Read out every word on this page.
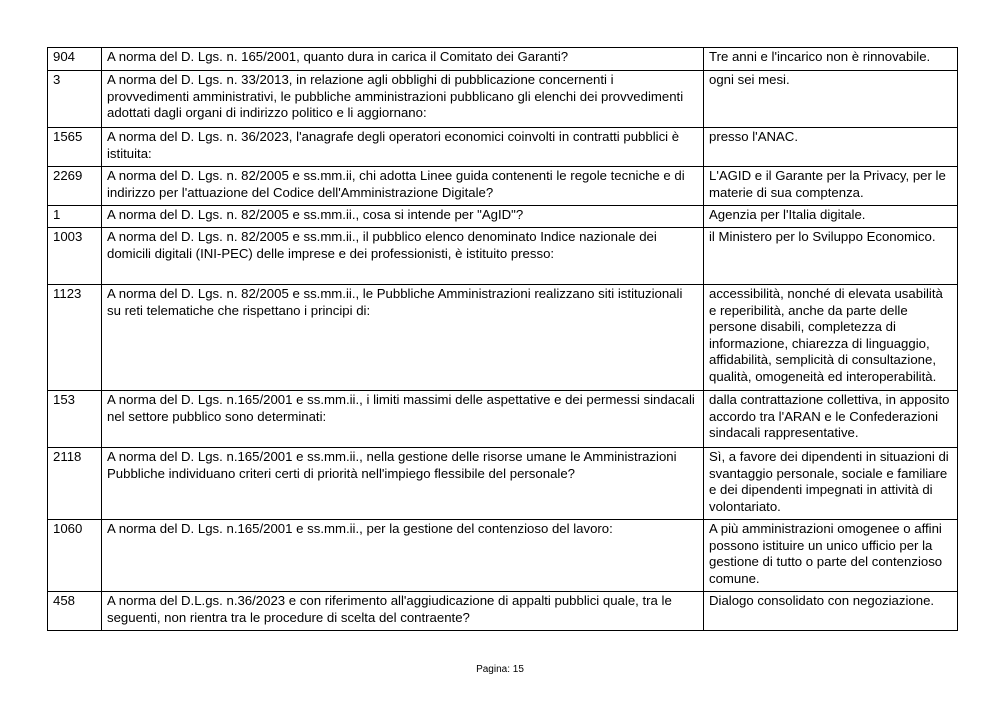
904	A norma del D. Lgs. n. 165/2001, quanto dura in carica il Comitato dei Garanti?	Tre anni e l'incarico non è rinnovabile.
3	A norma del D. Lgs. n. 33/2013, in relazione agli obblighi di pubblicazione concernenti i provvedimenti amministrativi, le pubbliche amministrazioni pubblicano gli elenchi dei provvedimenti adottati dagli organi di indirizzo politico e li aggiornano:	ogni sei mesi.
1565	A norma del D. Lgs. n. 36/2023, l'anagrafe degli operatori economici coinvolti in contratti pubblici è istituita:	presso l'ANAC.
2269	A norma del D. Lgs. n. 82/2005 e ss.mm.ii, chi adotta Linee guida contenenti le regole tecniche e di indirizzo per l'attuazione del Codice dell'Amministrazione Digitale?	L'AGID e il Garante per la Privacy, per le materie di sua comptenza.
1	A norma del D. Lgs. n. 82/2005 e ss.mm.ii., cosa si intende per "AgID"?	Agenzia per l'Italia digitale.
1003	A norma del D. Lgs. n. 82/2005 e ss.mm.ii., il pubblico elenco denominato Indice nazionale dei domicili digitali (INI-PEC) delle imprese e dei professionisti, è istituito presso:	il Ministero per lo Sviluppo Economico.
1123	A norma del D. Lgs. n. 82/2005 e ss.mm.ii., le Pubbliche Amministrazioni realizzano siti istituzionali su reti telematiche che rispettano i principi di:	accessibilità, nonché di elevata usabilità e reperibilità, anche da parte delle persone disabili, completezza di informazione, chiarezza di linguaggio, affidabilità, semplicità di consultazione, qualità, omogeneità ed interoperabilità.
153	A norma del D. Lgs. n.165/2001 e ss.mm.ii., i limiti massimi delle aspettative e dei permessi sindacali nel settore pubblico sono determinati:	dalla contrattazione collettiva, in apposito accordo tra l'ARAN e le Confederazioni sindacali rappresentative.
2118	A norma del D. Lgs. n.165/2001 e ss.mm.ii., nella gestione delle risorse umane le Amministrazioni Pubbliche individuano criteri certi di priorità nell'impiego flessibile del personale?	Sì, a favore dei dipendenti in situazioni di svantaggio personale, sociale e familiare e dei dipendenti impegnati in attività di volontariato.
1060	A norma del D. Lgs. n.165/2001 e ss.mm.ii., per la gestione del contenzioso del lavoro:	A più amministrazioni omogenee o affini possono istituire un unico ufficio per la gestione di tutto o parte del contenzioso comune.
458	A norma del D.L.gs. n.36/2023 e con riferimento all'aggiudicazione di appalti pubblici quale, tra le seguenti, non rientra tra le procedure di scelta del contraente?	Dialogo consolidato con negoziazione.
Pagina: 15
